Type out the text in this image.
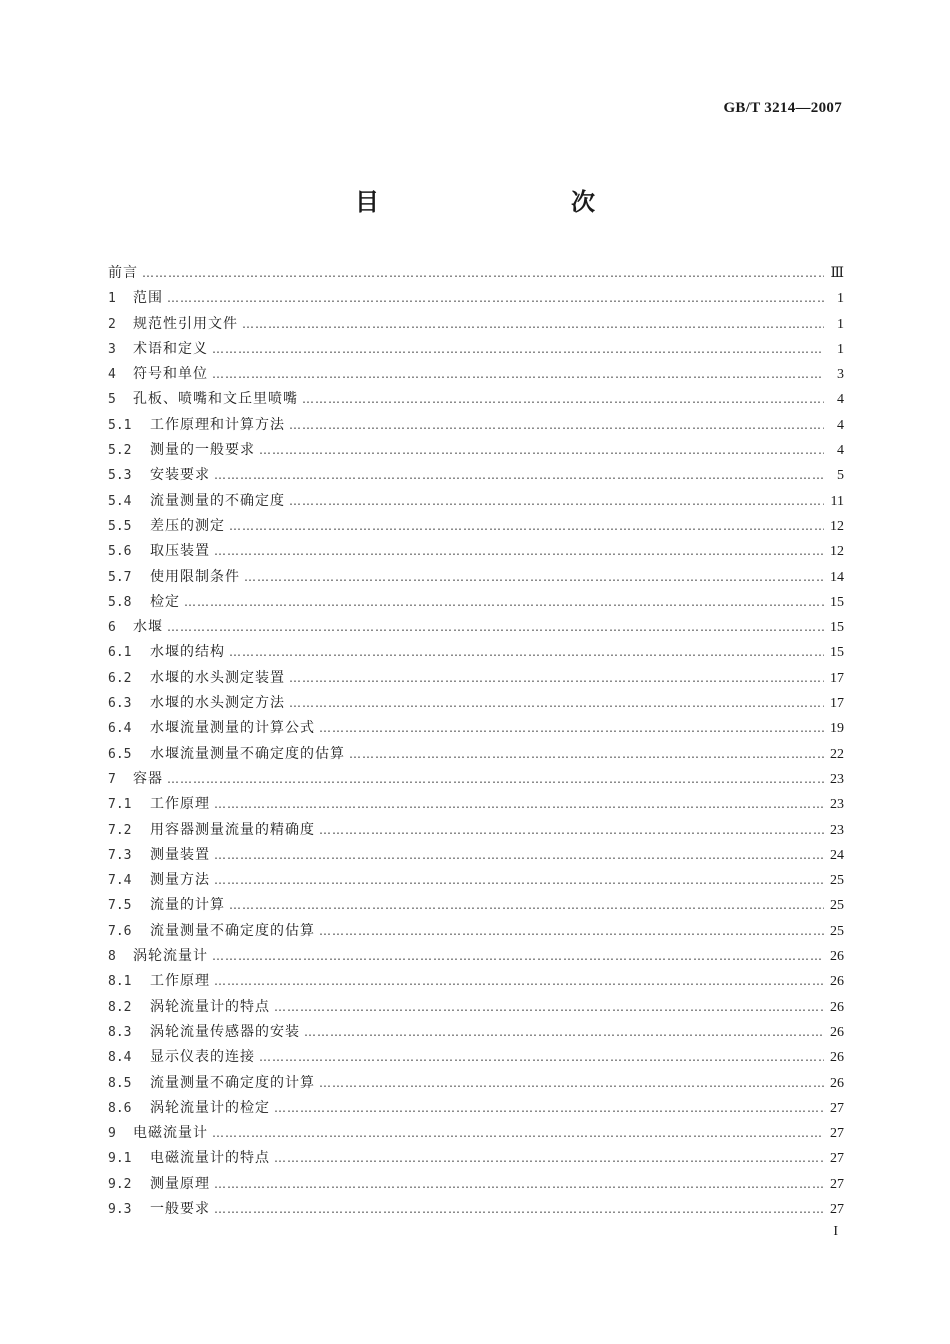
GB/T 3214—2007
目　　次
前言 ……………………………………………………………………………………………………………………………………………………………………………………………………………………	Ⅲ
1	范围 ……………………………………………………………………………………………………………………………………………………………………………………………………………………	1
2	规范性引用文件 ……………………………………………………………………………………………………………………………………………………………………………………………………………………	1
3	术语和定义 ……………………………………………………………………………………………………………………………………………………………………………………………………………………	1
4	符号和单位 ……………………………………………………………………………………………………………………………………………………………………………………………………………………	3
5	孔板、喷嘴和文丘里喷嘴 ……………………………………………………………………………………………………………………………………………………………………………………………………………………	4
5.1	工作原理和计算方法 ……………………………………………………………………………………………………………………………………………………………………………………………………………………	4
5.2	测量的一般要求 ……………………………………………………………………………………………………………………………………………………………………………………………………………………	4
5.3	安装要求 ……………………………………………………………………………………………………………………………………………………………………………………………………………………	5
5.4	流量测量的不确定度 ……………………………………………………………………………………………………………………………………………………………………………………………………………………	11
5.5	差压的测定 ……………………………………………………………………………………………………………………………………………………………………………………………………………………	12
5.6	取压装置 ……………………………………………………………………………………………………………………………………………………………………………………………………………………	12
5.7	使用限制条件 ……………………………………………………………………………………………………………………………………………………………………………………………………………………	14
5.8	检定 ……………………………………………………………………………………………………………………………………………………………………………………………………………………	15
6	水堰 ……………………………………………………………………………………………………………………………………………………………………………………………………………………	15
6.1	水堰的结构 ……………………………………………………………………………………………………………………………………………………………………………………………………………………	15
6.2	水堰的水头测定装置 ……………………………………………………………………………………………………………………………………………………………………………………………………………………	17
6.3	水堰的水头测定方法 ……………………………………………………………………………………………………………………………………………………………………………………………………………………	17
6.4	水堰流量测量的计算公式 ……………………………………………………………………………………………………………………………………………………………………………………………………………………	19
6.5	水堰流量测量不确定度的估算 ……………………………………………………………………………………………………………………………………………………………………………………………………………………	22
7	容器 ……………………………………………………………………………………………………………………………………………………………………………………………………………………	23
7.1	工作原理 ……………………………………………………………………………………………………………………………………………………………………………………………………………………	23
7.2	用容器测量流量的精确度 ……………………………………………………………………………………………………………………………………………………………………………………………………………………	23
7.3	测量装置 ……………………………………………………………………………………………………………………………………………………………………………………………………………………	24
7.4	测量方法 ……………………………………………………………………………………………………………………………………………………………………………………………………………………	25
7.5	流量的计算 ……………………………………………………………………………………………………………………………………………………………………………………………………………………	25
7.6	流量测量不确定度的估算 ……………………………………………………………………………………………………………………………………………………………………………………………………………………	25
8	涡轮流量计 ……………………………………………………………………………………………………………………………………………………………………………………………………………………	26
8.1	工作原理 ……………………………………………………………………………………………………………………………………………………………………………………………………………………	26
8.2	涡轮流量计的特点 ……………………………………………………………………………………………………………………………………………………………………………………………………………………	26
8.3	涡轮流量传感器的安装 ……………………………………………………………………………………………………………………………………………………………………………………………………………………	26
8.4	显示仪表的连接 ……………………………………………………………………………………………………………………………………………………………………………………………………………………	26
8.5	流量测量不确定度的计算 ……………………………………………………………………………………………………………………………………………………………………………………………………………………	26
8.6	涡轮流量计的检定 ……………………………………………………………………………………………………………………………………………………………………………………………………………………	27
9	电磁流量计 ……………………………………………………………………………………………………………………………………………………………………………………………………………………	27
9.1	电磁流量计的特点 ……………………………………………………………………………………………………………………………………………………………………………………………………………………	27
9.2	测量原理 ……………………………………………………………………………………………………………………………………………………………………………………………………………………	27
9.3	一般要求 ……………………………………………………………………………………………………………………………………………………………………………………………………………………	27
I
